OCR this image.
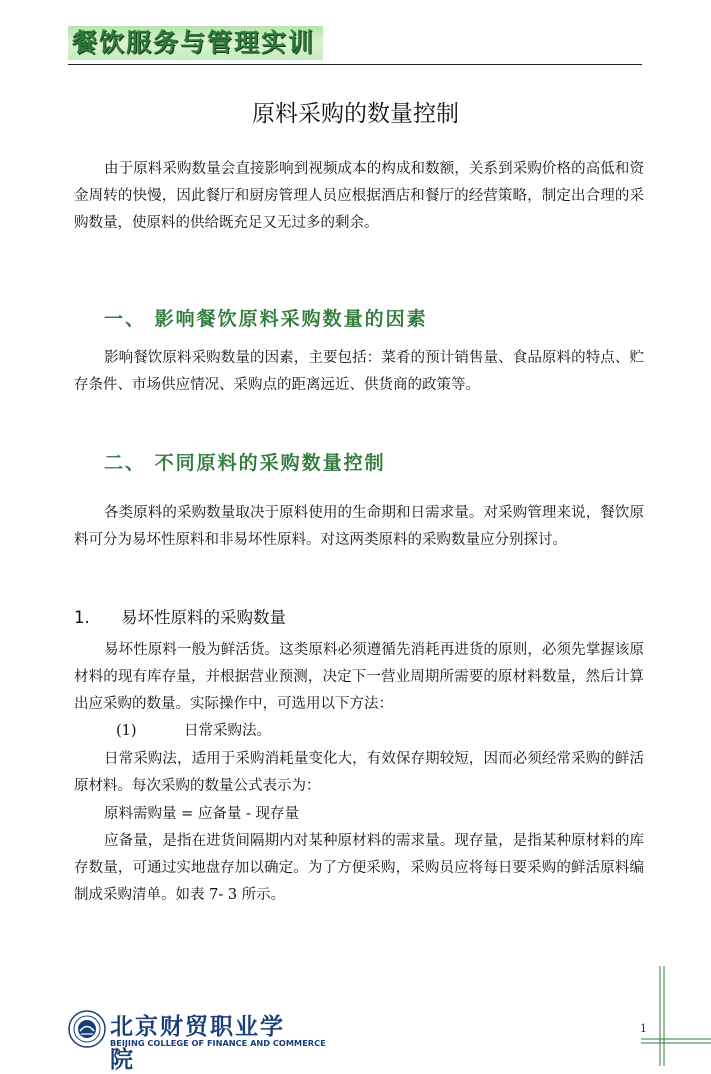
餐饮服务与管理实训
原料采购的数量控制

由于原料采购数量会直接影响到视频成本的构成和数额，关系到采购价格的高低和资金周转的快慢，因此餐厅和厨房管理人员应根据酒店和餐厅的经营策略，制定出合理的采购数量，使原料的供给既充足又无过多的剩余。

一、 影响餐饮原料采购数量的因素

影响餐饮原料采购数量的因素，主要包括：菜肴的预计销售量、食品原料的特点、贮存条件、市场供应情况、采购点的距离远近、供货商的政策等。

二、 不同原料的采购数量控制

各类原料的采购数量取决于原料使用的生命期和日需求量。对采购管理来说，餐饮原料可分为易坏性原料和非易坏性原料。对这两类原料的采购数量应分别探讨。

1. 易坏性原料的采购数量

易坏性原料一般为鲜活货。这类原料必须遵循先消耗再进货的原则，必须先掌握该原材料的现有库存量，并根据营业预测，决定下一营业周期所需要的原材料数量，然后计算出应采购的数量。实际操作中，可选用以下方法：

(1)	日常采购法。

日常采购法，适用于采购消耗量变化大，有效保存期较短，因而必须经常采购的鲜活原材料。每次采购的数量公式表示为：

原料需购量 = 应备量 - 现存量

应备量，是指在进货间隔期内对某种原材料的需求量。现存量，是指某种原材料的库存数量，可通过实地盘存加以确定。为了方便采购，采购员应将每日要采购的鲜活原料编制成采购清单。如表 7- 3 所示。

北京财贸职业学院
BEIJING COLLEGE OF FINANCE AND COMMERCE
1
